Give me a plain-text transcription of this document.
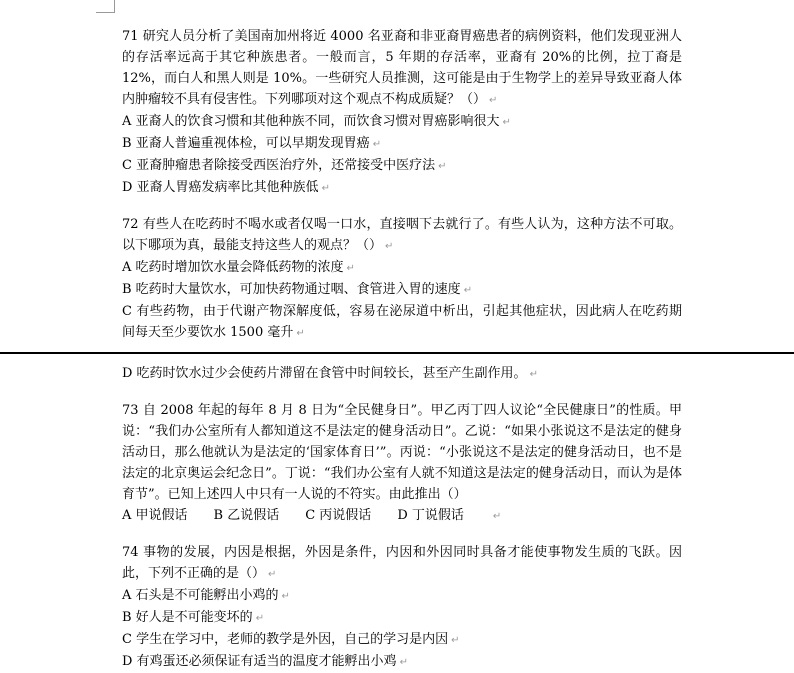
71 研究人员分析了美国南加州将近 4000 名亚裔和非亚裔胃癌患者的病例资料，他们发现亚洲人的存活率远高于其它种族患者。一般而言，5 年期的存活率，亚裔有 20%的比例，拉丁裔是 12%，而白人和黑人则是 10%。一些研究人员推测，这可能是由于生物学上的差异导致亚裔人体内肿瘤较不具有侵害性。下列哪项对这个观点不构成质疑？（） ↵

A 亚裔人的饮食习惯和其他种族不同，而饮食习惯对胃癌影响很大 ↵

B 亚裔人普遍重视体检，可以早期发现胃癌 ↵

C 亚裔肿瘤患者除接受西医治疗外，还常接受中医疗法 ↵

D 亚裔人胃癌发病率比其他种族低 ↵

72 有些人在吃药时不喝水或者仅喝一口水，直接咽下去就行了。有些人认为，这种方法不可取。以下哪项为真，最能支持这些人的观点？（） ↵

A 吃药时增加饮水量会降低药物的浓度 ↵

B 吃药时大量饮水，可加快药物通过咽、食管进入胃的速度 ↵

C 有些药物，由于代谢产物深解度低，容易在泌尿道中析出，引起其他症状，因此病人在吃药期间每天至少要饮水 1500 毫升 ↵

D 吃药时饮水过少会使药片滞留在食管中时间较长，甚至产生副作用。 ↵

73 自 2008 年起的每年 8 月 8 日为“全民健身日”。甲乙丙丁四人议论“全民健康日”的性质。甲说：“我们办公室所有人都知道这不是法定的健身活动日”。乙说：“如果小张说这不是法定的健身活动日，那么他就认为是法定的‘国家体育日’”。丙说：“小张说这不是法定的健身活动日，也不是法定的北京奥运会纪念日”。丁说：“我们办公室有人就不知道这是法定的健身活动日，而认为是体育节”。已知上述四人中只有一人说的不符实。由此推出（）

A 甲说假话 B 乙说假话 C 丙说假话 D 丁说假话	↵

74 事物的发展，内因是根据，外因是条件，内因和外因同时具备才能使事物发生质的飞跃。因此，下列不正确的是（） ↵

A 石头是不可能孵出小鸡的 ↵

B 好人是不可能变坏的 ↵

C 学生在学习中，老师的教学是外因，自己的学习是内因 ↵

D 有鸡蛋还必须保证有适当的温度才能孵出小鸡 ↵
